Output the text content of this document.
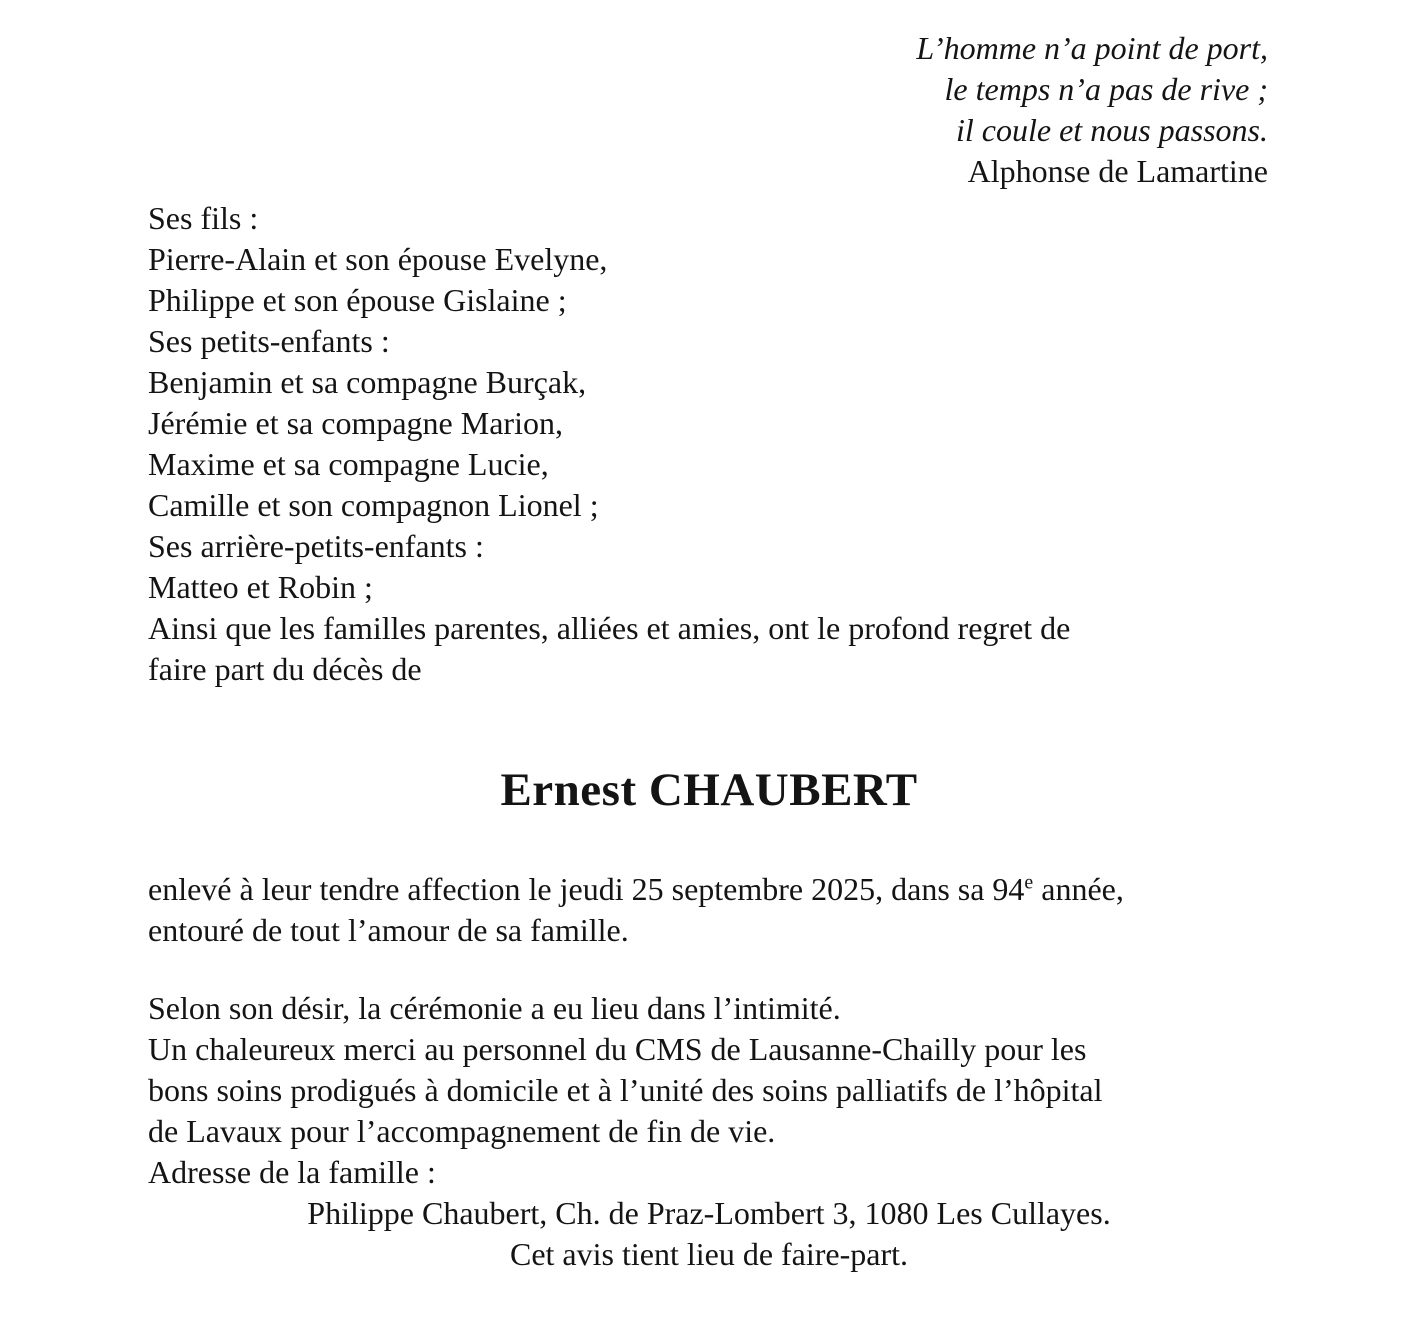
L’homme n’a point de port,
le temps n’a pas de rive ;
il coule et nous passons.
Alphonse de Lamartine
Ses fils :
Pierre-Alain et son épouse Evelyne,
Philippe et son épouse Gislaine ;
Ses petits-enfants :
Benjamin et sa compagne Burçak,
Jérémie et sa compagne Marion,
Maxime et sa compagne Lucie,
Camille et son compagnon Lionel ;
Ses arrière-petits-enfants :
Matteo et Robin ;
Ainsi que les familles parentes, alliées et amies, ont le profond regret de
faire part du décès de
Ernest CHAUBERT
enlevé à leur tendre affection le jeudi 25 septembre 2025, dans sa 94e année,
entouré de tout l’amour de sa famille.
Selon son désir, la cérémonie a eu lieu dans l’intimité.
Un chaleureux merci au personnel du CMS de Lausanne-Chailly pour les
bons soins prodigués à domicile et à l’unité des soins palliatifs de l’hôpital
de Lavaux pour l’accompagnement de fin de vie.
Adresse de la famille :
Philippe Chaubert, Ch. de Praz-Lombert 3, 1080 Les Cullayes.
Cet avis tient lieu de faire-part.
